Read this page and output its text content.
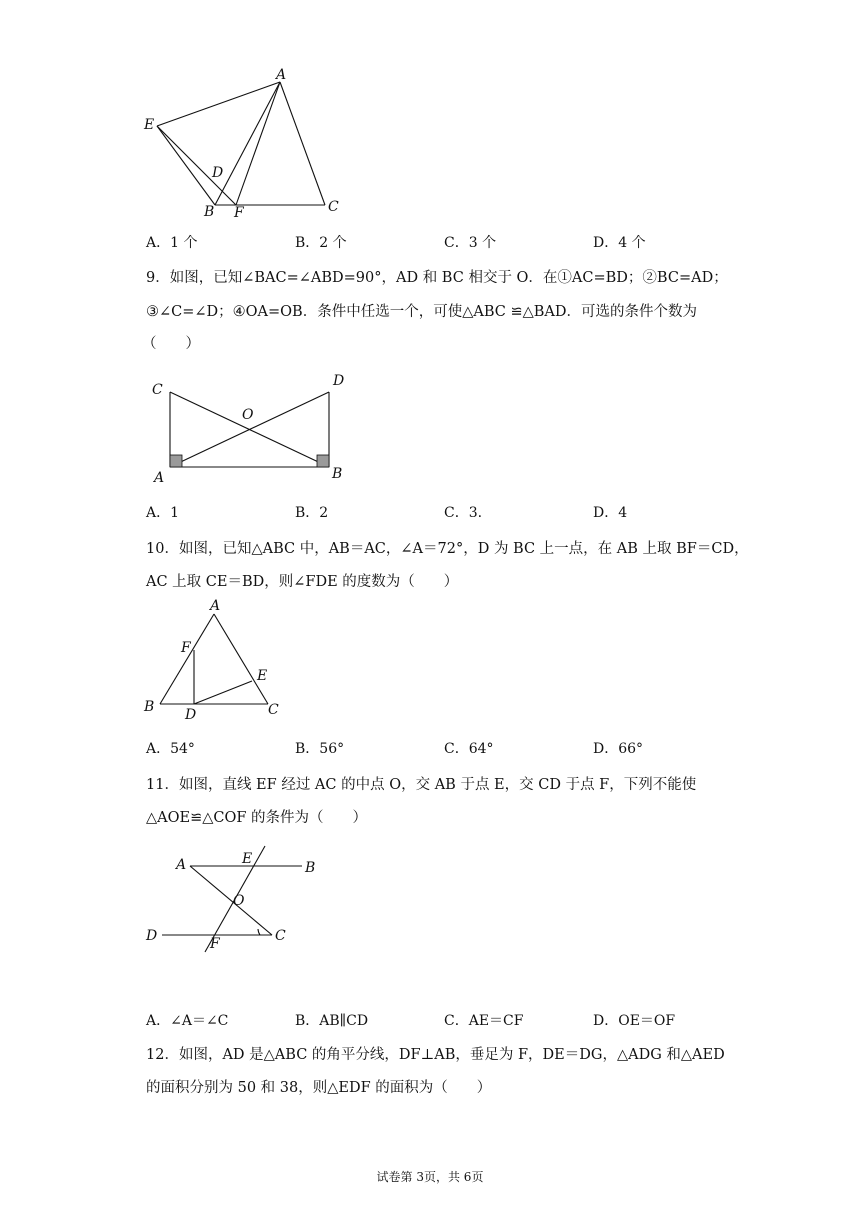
A
E
D
B F	C
A．1 个	B．2 个	C．3 个	D．4 个
9．如图，已知∠BAC=∠ABD=90°，AD 和 BC 相交于 O．在①AC=BD；②BC=AD；
③∠C=∠D；④OA=OB．条件中任选一个，可使△ABC ≌△BAD．可选的条件个数为
（　　）
C
D
O
A	B
A．1	B．2	C．3.	D．4
10．如图，已知△ABC 中，AB＝AC，∠A＝72°，D 为 BC 上一点，在 AB 上取 BF＝CD，
AC 上取 CE＝BD，则∠FDE 的度数为（　　）
A
F
E
B D	C
A．54°	B．56°	C．64°	D．66°
11．如图，直线 EF 经过 AC 的中点 O，交 AB 于点 E，交 CD 于点 F，下列不能使
△AOE≌△COF 的条件为（　　）
A	E
B
O
D	F	C
A．∠A＝∠C	B．AB∥CD	C．AE＝CF	D．OE＝OF
12．如图，AD 是△ABC 的角平分线，DF⊥AB，垂足为 F，DE＝DG，△ADG 和△AED
的面积分别为 50 和 38，则△EDF 的面积为（　　）
试卷第 3页，共 6页
